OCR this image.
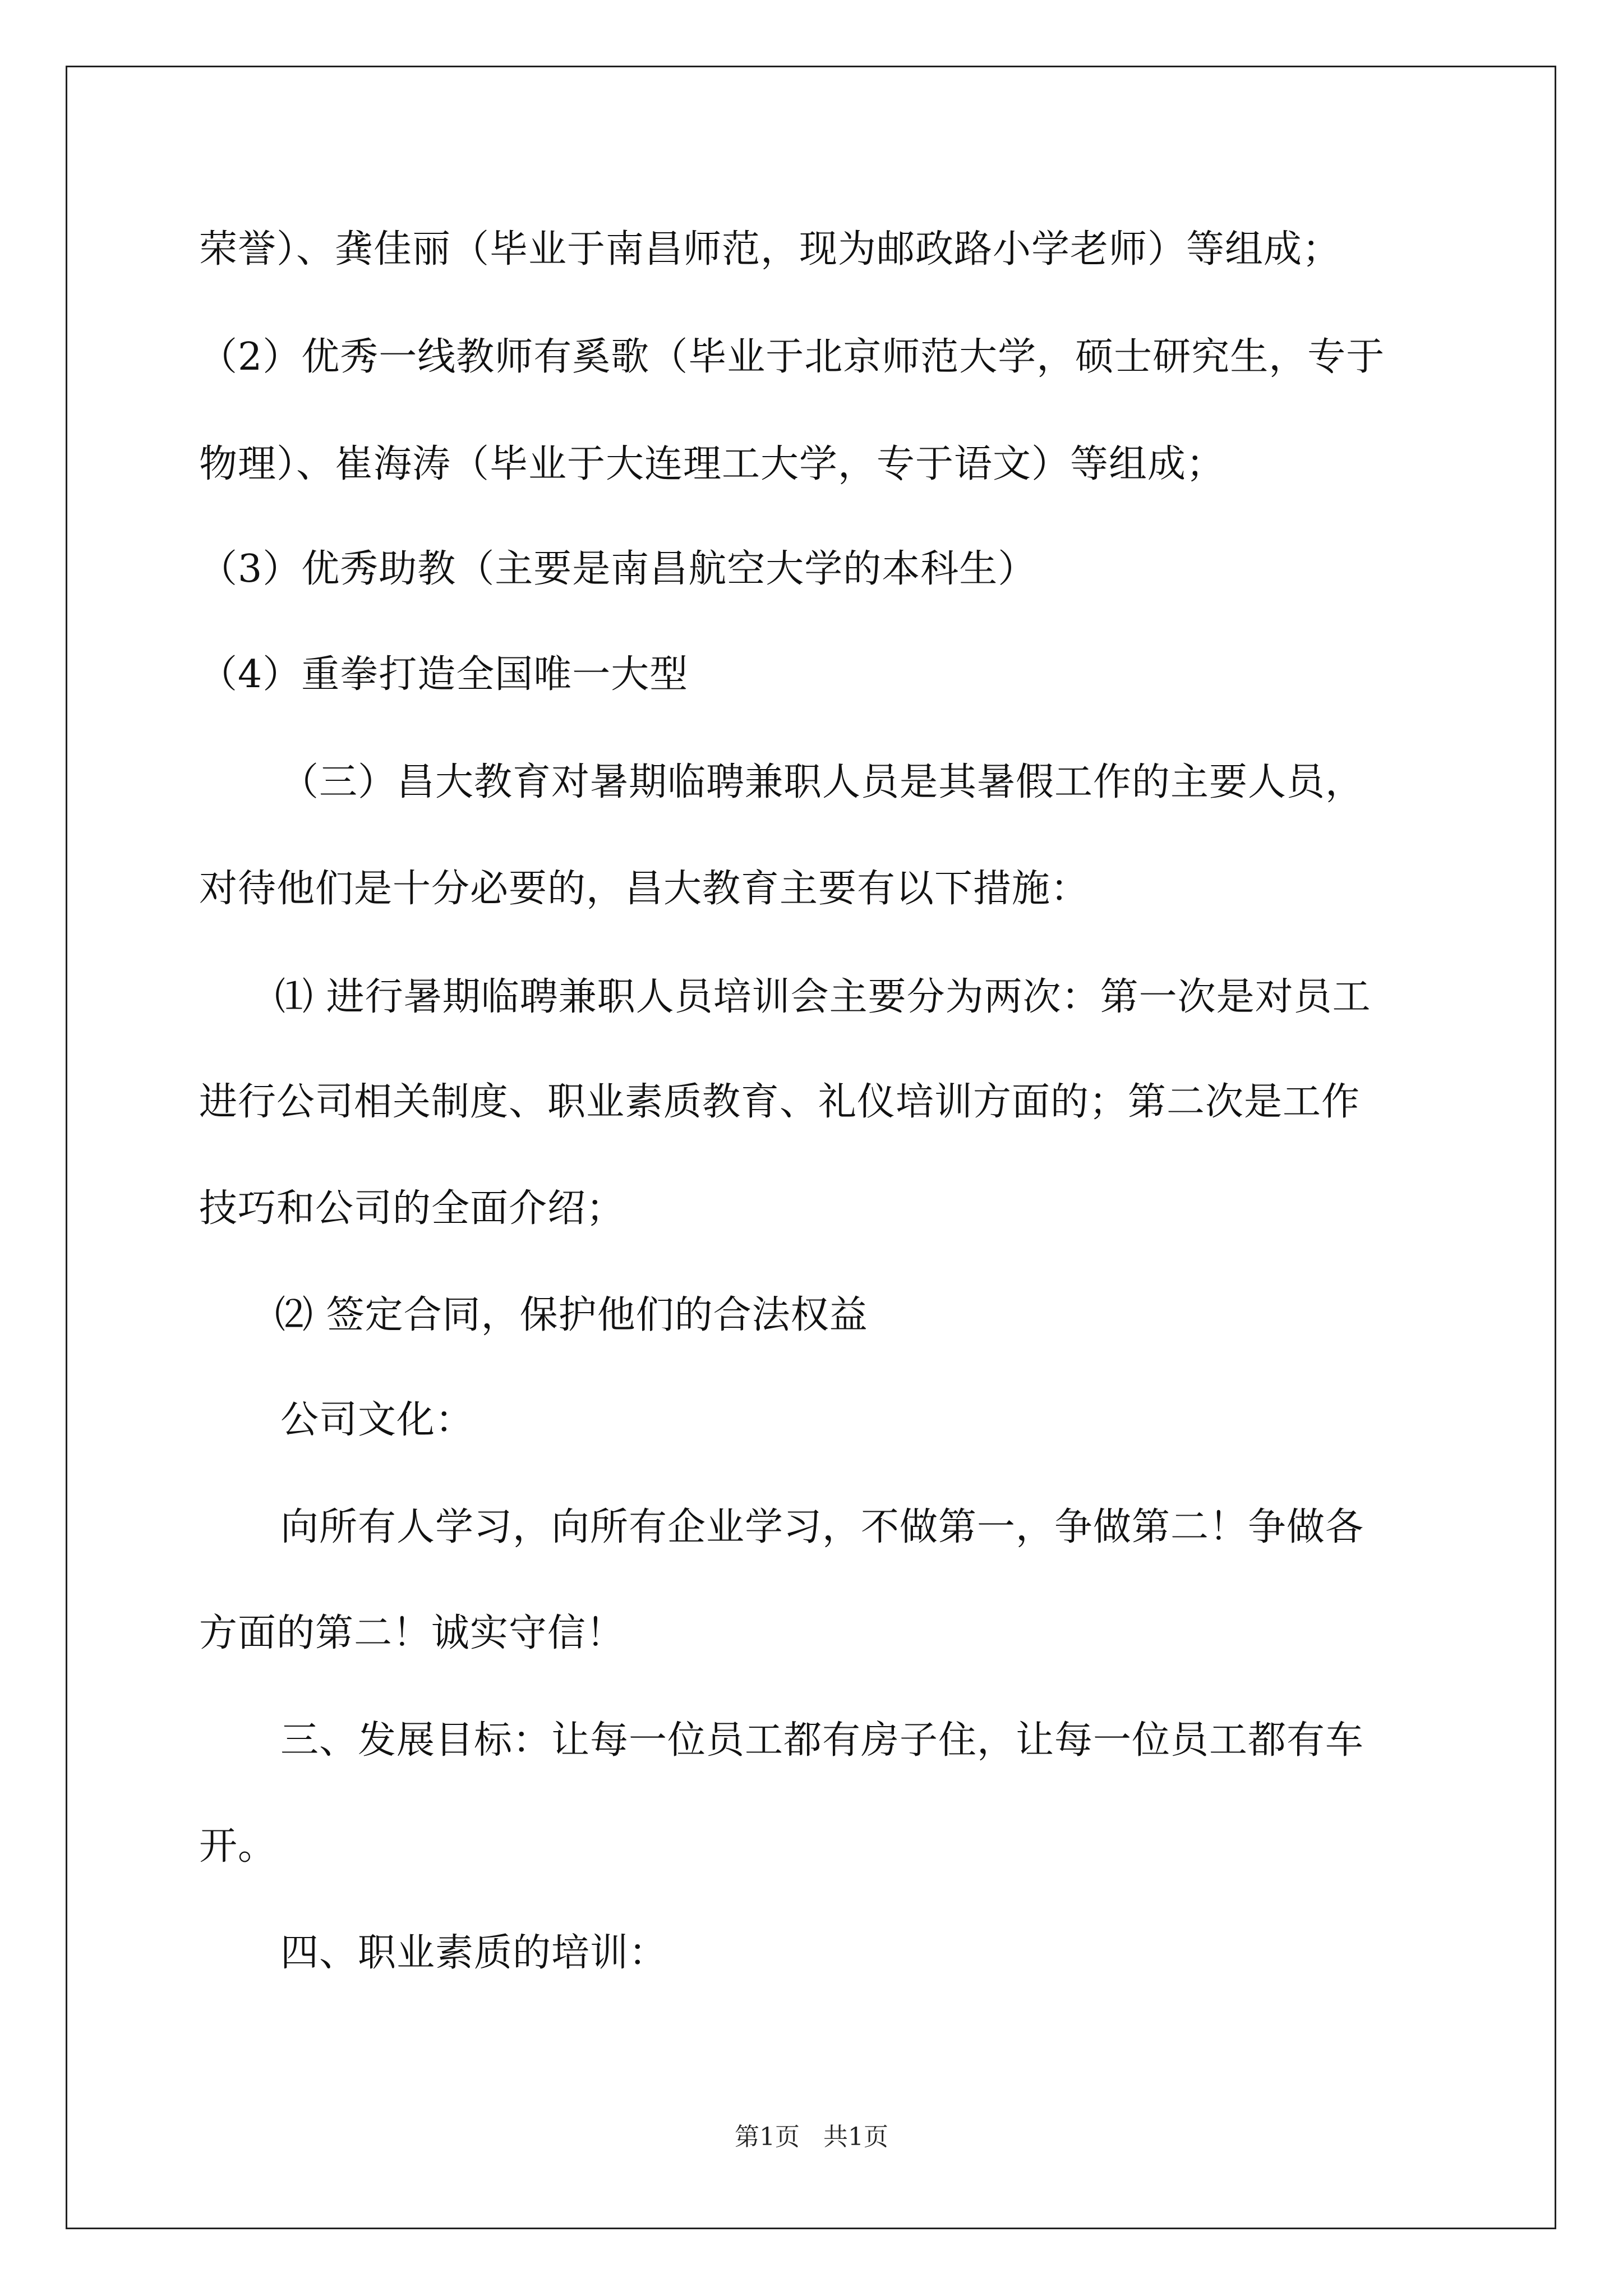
荣誉）、龚佳丽（毕业于南昌师范，现为邮政路小学老师）等组成；
（2）优秀一线教师有奚歌（毕业于北京师范大学，硕士研究生，专于
物理）、崔海涛（毕业于大连理工大学，专于语文）等组成；
（3）优秀助教（主要是南昌航空大学的本科生）
（4）重拳打造全国唯一大型
（三）昌大教育对暑期临聘兼职人员是其暑假工作的主要人员，
对待他们是十分必要的，昌大教育主要有以下措施：
⑴ 进行暑期临聘兼职人员培训会主要分为两次：第一次是对员工
进行公司相关制度、职业素质教育、礼仪培训方面的；第二次是工作
技巧和公司的全面介绍；
⑵ 签定合同，保护他们的合法权益
公司文化：
向所有人学习，向所有企业学习，不做第一，争做第二！争做各
方面的第二！诚实守信！
三、发展目标：让每一位员工都有房子住，让每一位员工都有车
开。
四、职业素质的培训：
第1页   共1页
